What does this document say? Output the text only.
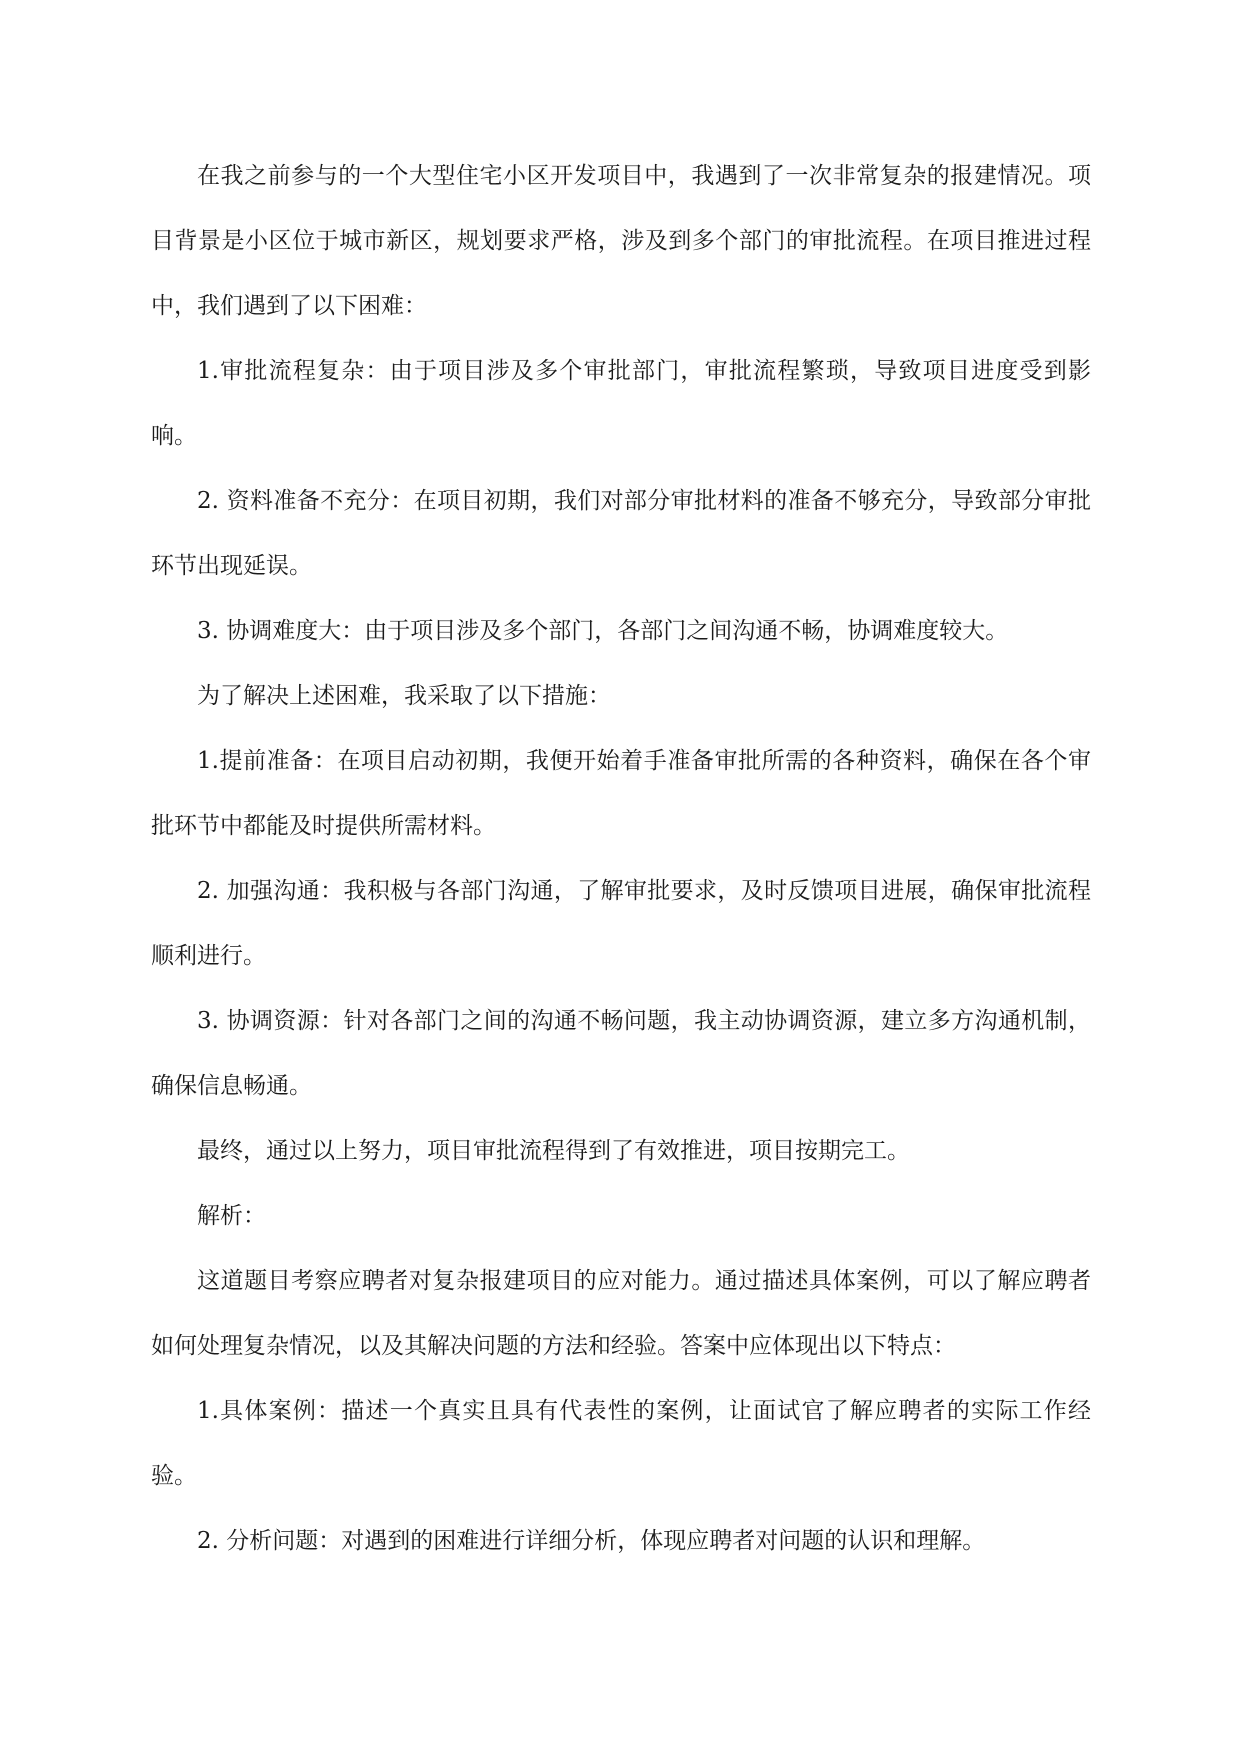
在我之前参与的一个大型住宅小区开发项目中，我遇到了一次非常复杂的报建情况。项目背景是小区位于城市新区，规划要求严格，涉及到多个部门的审批流程。在项目推进过程中，我们遇到了以下困难：

1.审批流程复杂：由于项目涉及多个审批部门，审批流程繁琐，导致项目进度受到影响。

2. 资料准备不充分：在项目初期，我们对部分审批材料的准备不够充分，导致部分审批环节出现延误。

3. 协调难度大：由于项目涉及多个部门，各部门之间沟通不畅，协调难度较大。

为了解决上述困难，我采取了以下措施：

1.提前准备：在项目启动初期，我便开始着手准备审批所需的各种资料，确保在各个审批环节中都能及时提供所需材料。

2. 加强沟通：我积极与各部门沟通，了解审批要求，及时反馈项目进展，确保审批流程顺利进行。

3. 协调资源：针对各部门之间的沟通不畅问题，我主动协调资源，建立多方沟通机制，确保信息畅通。

最终，通过以上努力，项目审批流程得到了有效推进，项目按期完工。

解析：

这道题目考察应聘者对复杂报建项目的应对能力。通过描述具体案例，可以了解应聘者如何处理复杂情况，以及其解决问题的方法和经验。答案中应体现出以下特点：

1.具体案例：描述一个真实且具有代表性的案例，让面试官了解应聘者的实际工作经验。

2. 分析问题：对遇到的困难进行详细分析，体现应聘者对问题的认识和理解。
